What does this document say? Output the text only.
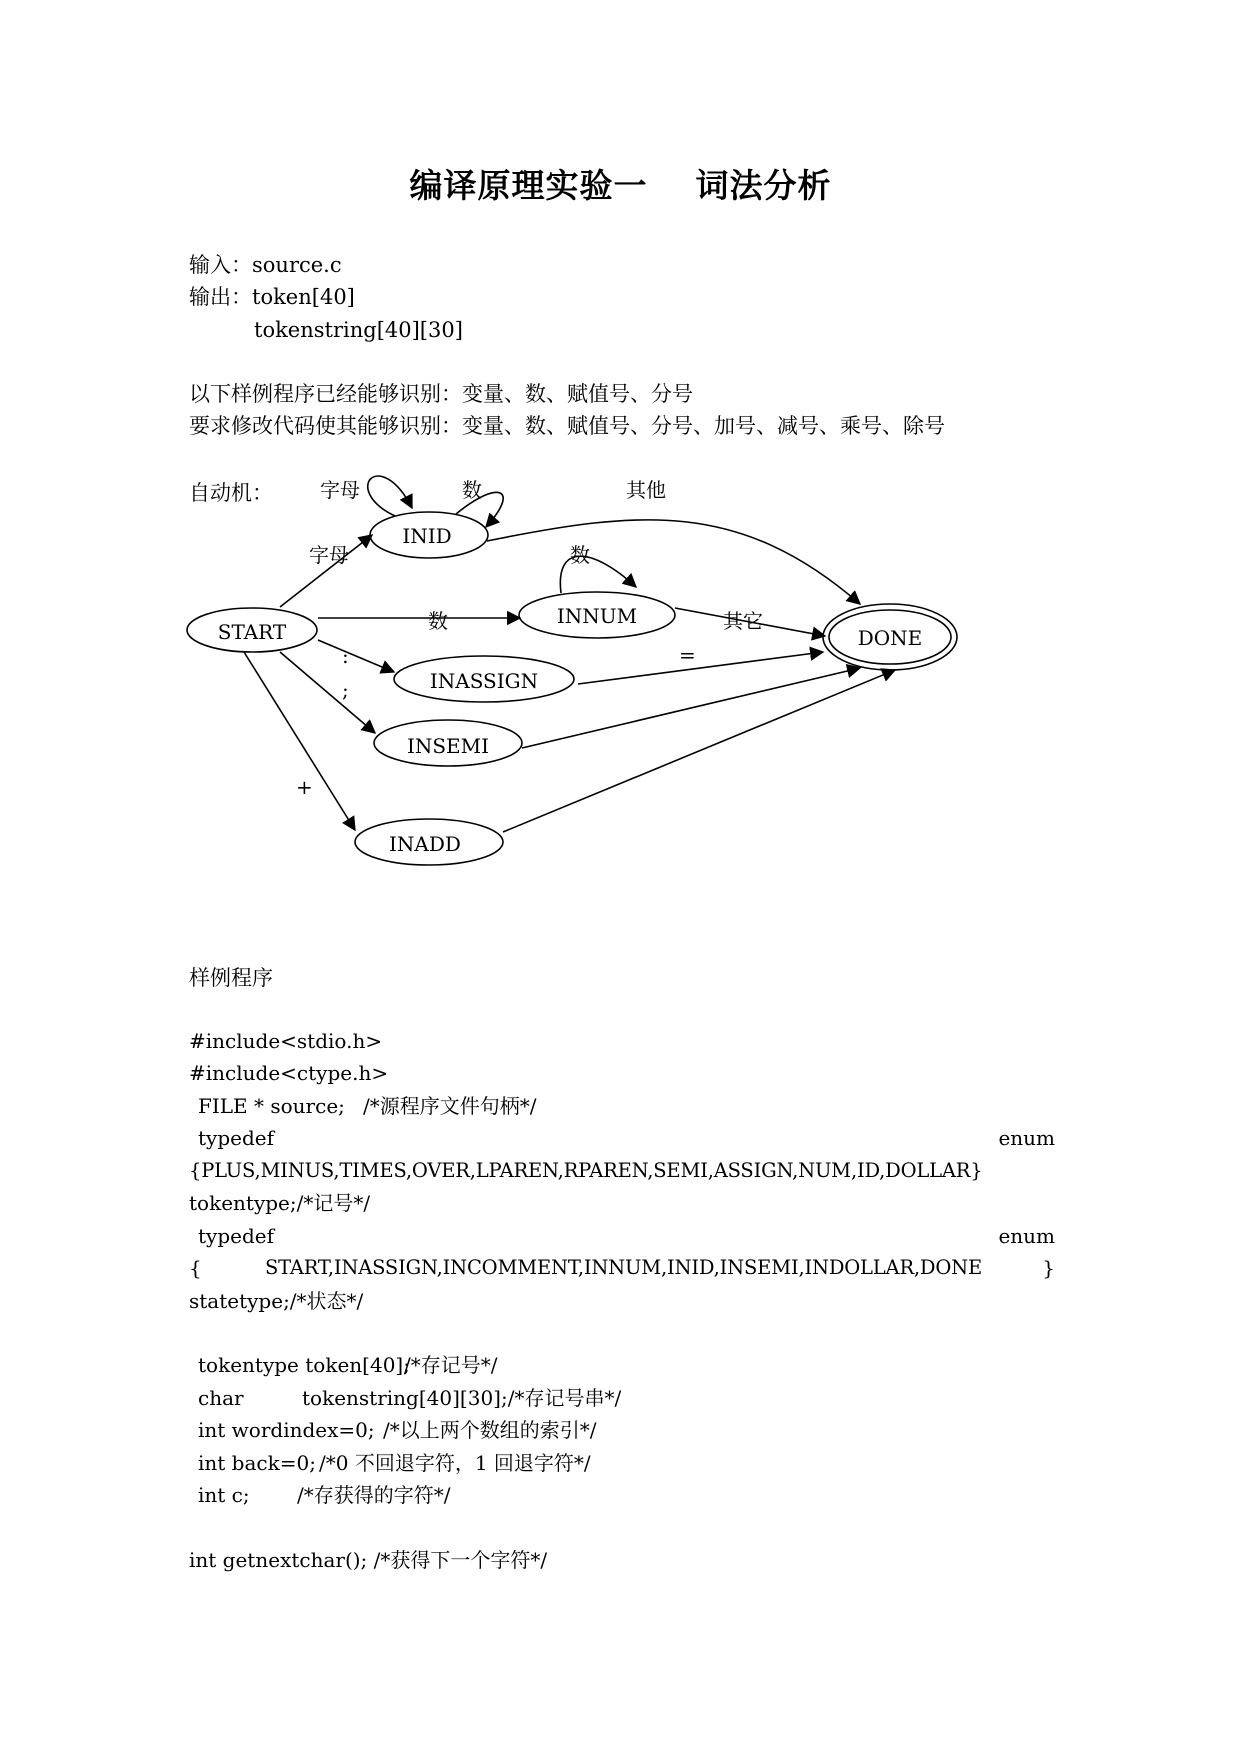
编译原理实验一 词法分析
输入：source.c
输出：token[40]
tokenstring[40][30]
以下样例程序已经能够识别：变量、数、赋值号、分号
要求修改代码使其能够识别：变量、数、赋值号、分号、加号、减号、乘号、除号
自动机：
START
INID
INNUM
INASSIGN
INSEMI
INADD
DONE
字母	数	其他
字母	数
数	其它
:	=
;
+
样例程序
#include<stdio.h>
#include<ctype.h>
FILE * source; /*源程序文件句柄*/
typedef	enum
{PLUS,MINUS,TIMES,OVER,LPAREN,RPAREN,SEMI,ASSIGN,NUM,ID,DOLLAR}
tokentype;/*记号*/
typedef	enum
{	START,INASSIGN,INCOMMENT,INNUM,INID,INSEMI,INDOLLAR,DONE	}
statetype;/*状态*/
tokentype token[40];
/*存记号*/
char	tokenstring[40][30];/*存记号串*/
int wordindex=0; /*以上两个数组的索引*/
int back=0; /*0 不回退字符，1 回退字符*/
int c; /*存获得的字符*/
int getnextchar(); /*获得下一个字符*/
